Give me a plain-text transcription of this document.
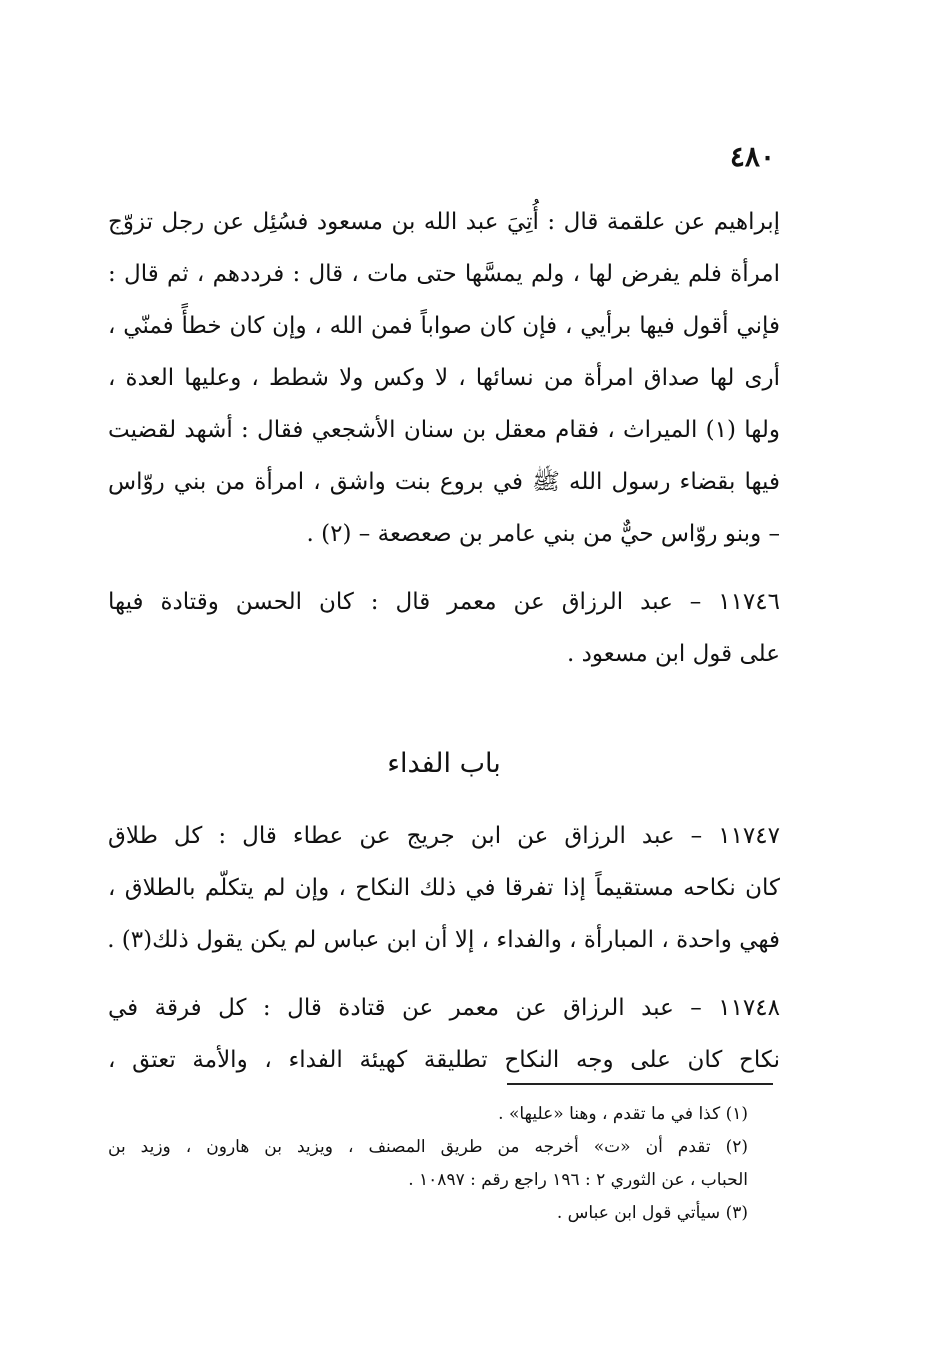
٤٨٠
إبراهيم عن علقمة قال : أُتِيَ عبد الله بن مسعود فسُئِل عن رجل تزوّج
امرأة فلم يفرض لها ، ولم يمسَّها حتى مات ، قال : فرددهم ، ثم قال :
فإني أقول فيها برأيي ، فإن كان صواباً فمن الله ، وإن كان خطأً فمنّي ،
أرى لها صداق امرأة من نسائها ، لا وكس ولا شطط ، وعليها العدة ،
ولها (١) الميراث ، فقام معقل بن سنان الأشجعي فقال : أشهد لقضيت
فيها بقضاء رسول الله ﷺ في بروع بنت واشق ، امرأة من بني روّاس
– وبنو روّاس حيٌّ من بني عامر بن صعصعة – (٢) .
١١٧٤٦ – عبد الرزاق عن معمر قال : كان الحسن وقتادة فيها
على قول ابن مسعود .
باب الفداء
١١٧٤٧ – عبد الرزاق عن ابن جريج عن عطاء قال : كل طلاق
كان نكاحه مستقيماً إذا تفرقا في ذلك النكاح ، وإن لم يتكلّم بالطلاق ،
فهي واحدة ، المبارأة ، والفداء ، إلا أن ابن عباس لم يكن يقول ذلك(٣) .
١١٧٤٨ – عبد الرزاق عن معمر عن قتادة قال : كل فرقة في
نكاح كان على وجه النكاح تطليقة كهيئة الفداء ، والأمة تعتق ،
(١) كذا في ما تقدم ، وهنا «عليها» .
(٢) تقدم أن «ت» أخرجه من طريق المصنف ، ويزيد بن هارون ، وزيد بن
الحباب ، عن الثوري ٢ : ١٩٦ راجع رقم : ١٠٨٩٧ .
(٣) سيأتي قول ابن عباس .
